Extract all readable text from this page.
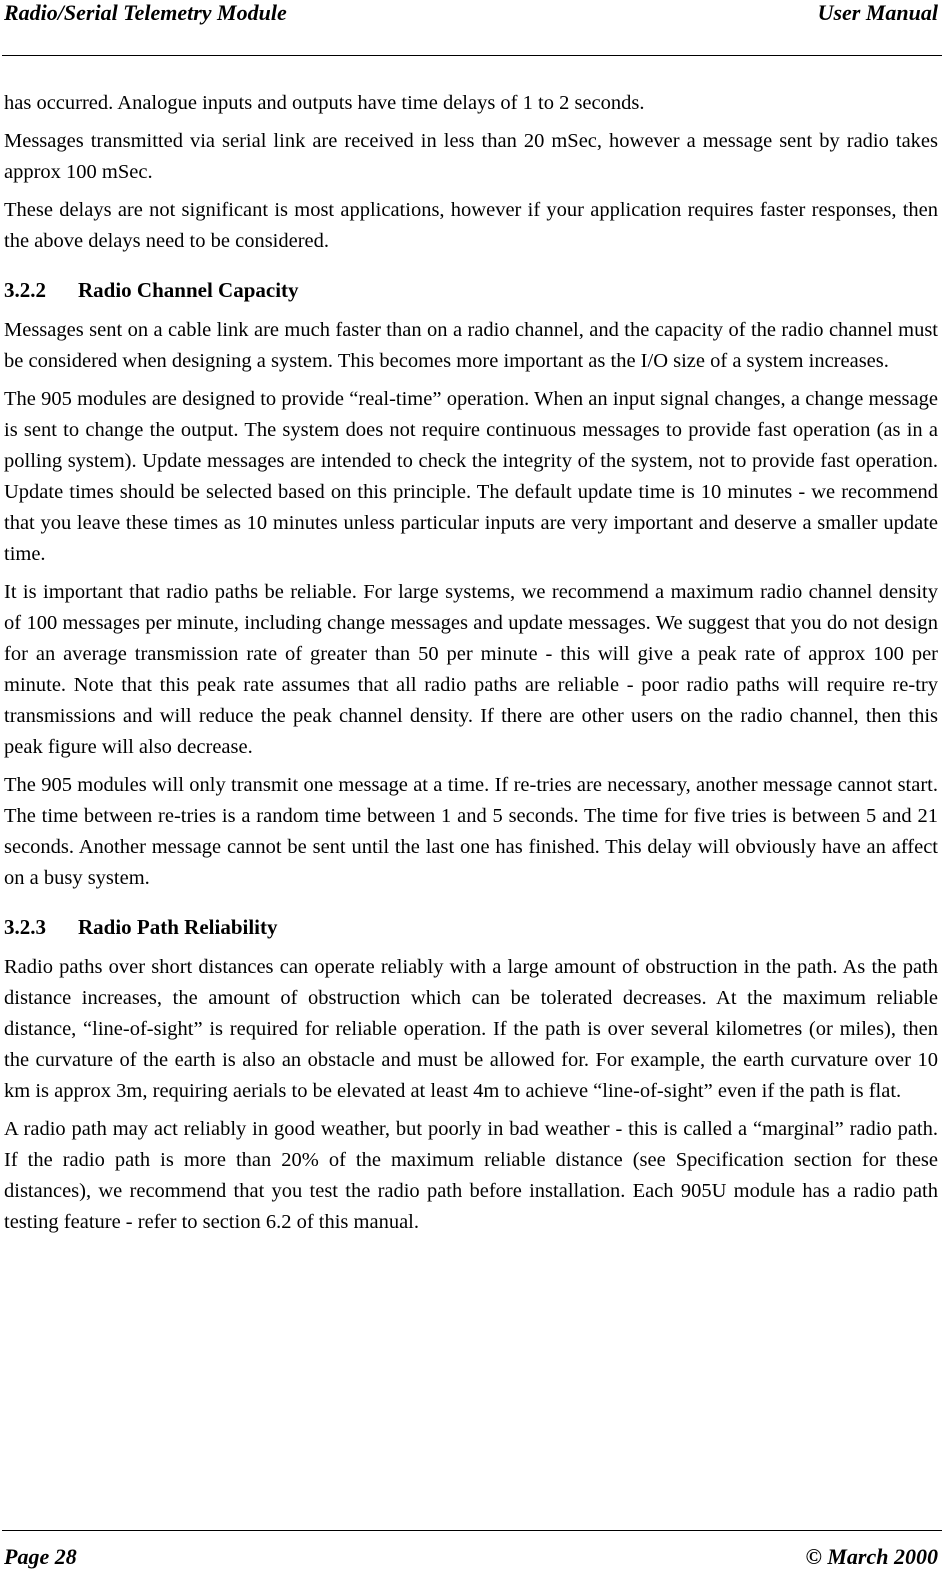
Radio/Serial Telemetry Module	User Manual

has occurred. Analogue inputs and outputs have time delays of 1 to 2 seconds.

Messages transmitted via serial link are received in less than 20 mSec, however a message sent by radio takes approx 100 mSec.

These delays are not significant is most applications, however if your application requires faster responses, then the above delays need to be considered.

3.2.2 Radio Channel Capacity

Messages sent on a cable link are much faster than on a radio channel, and the capacity of the radio channel must be considered when designing a system. This becomes more important as the I/O size of a system increases.

The 905 modules are designed to provide “real-time” operation. When an input signal changes, a change message is sent to change the output. The system does not require continuous messages to provide fast operation (as in a polling system). Update messages are intended to check the integrity of the system, not to provide fast operation. Update times should be selected based on this principle. The default update time is 10 minutes - we recommend that you leave these times as 10 minutes unless particular inputs are very important and deserve a smaller update time.

It is important that radio paths be reliable. For large systems, we recommend a maximum radio channel density of 100 messages per minute, including change messages and update messages. We suggest that you do not design for an average transmission rate of greater than 50 per minute - this will give a peak rate of approx 100 per minute. Note that this peak rate assumes that all radio paths are reliable - poor radio paths will require re-try transmissions and will reduce the peak channel density. If there are other users on the radio channel, then this peak figure will also decrease.

The 905 modules will only transmit one message at a time. If re-tries are necessary, another message cannot start. The time between re-tries is a random time between 1 and 5 seconds. The time for five tries is between 5 and 21 seconds. Another message cannot be sent until the last one has finished. This delay will obviously have an affect on a busy system.

3.2.3 Radio Path Reliability

Radio paths over short distances can operate reliably with a large amount of obstruction in the path. As the path distance increases, the amount of obstruction which can be tolerated decreases. At the maximum reliable distance, “line-of-sight” is required for reliable operation. If the path is over several kilometres (or miles), then the curvature of the earth is also an obstacle and must be allowed for. For example, the earth curvature over 10 km is approx 3m, requiring aerials to be elevated at least 4m to achieve “line-of-sight” even if the path is flat.

A radio path may act reliably in good weather, but poorly in bad weather - this is called a “marginal” radio path. If the radio path is more than 20% of the maximum reliable distance (see Specification section for these distances), we recommend that you test the radio path before installation. Each 905U module has a radio path testing feature - refer to section 6.2 of this manual.

Page 28	© March 2000
